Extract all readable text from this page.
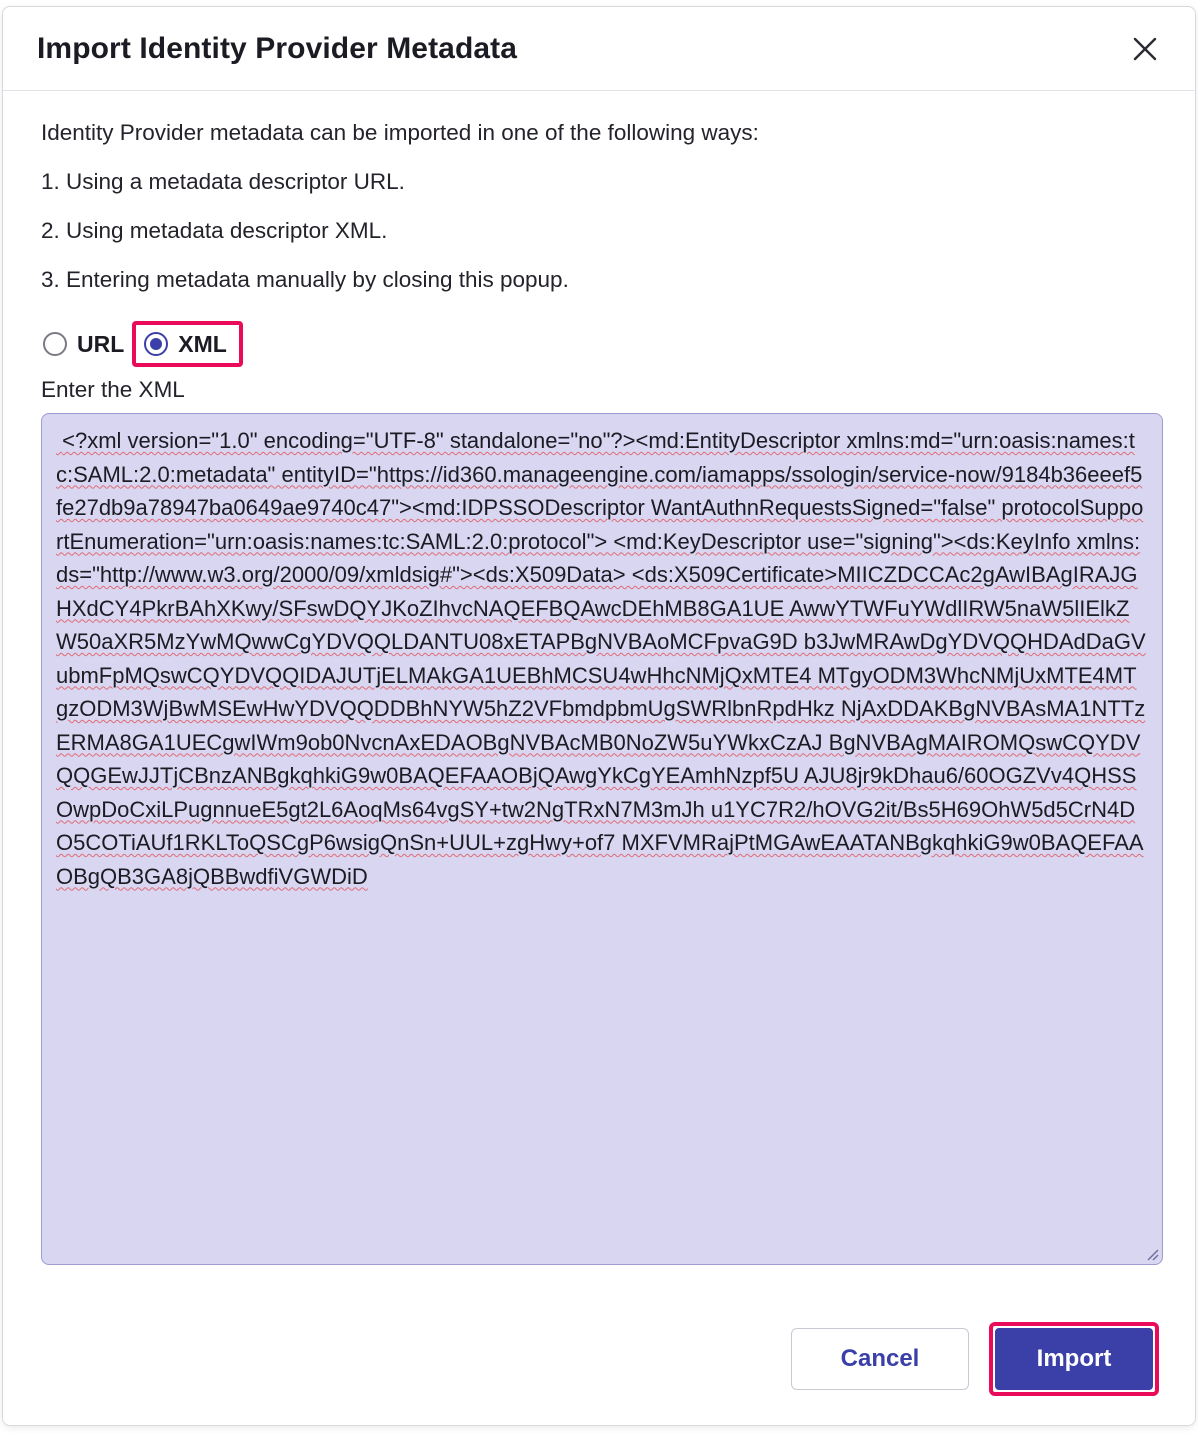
Import Identity Provider Metadata
Identity Provider metadata can be imported in one of the following ways:
1. Using a metadata descriptor URL.
2. Using metadata descriptor XML.
3. Entering metadata manually by closing this popup.
URL XML
Enter the XML
<?xml version="1.0" encoding="UTF-8" standalone="no"?><md:EntityDescriptor xmlns:md="urn:oasis:names:tc:SAML:2.0:metadata" entityID="https://id360.manageengine.com/iamapps/ssologin/service-now/9184b36eeef5fe27db9a78947ba0649ae9740c47"><md:IDPSSODescriptor WantAuthnRequestsSigned="false" protocolSupportEnumeration="urn:oasis:names:tc:SAML:2.0:protocol"> <md:KeyDescriptor use="signing"><ds:KeyInfo xmlns:ds="http://www.w3.org/2000/09/xmldsig#"><ds:X509Data> <ds:X509Certificate>MIICZDCCAc2gAwIBAgIRAJGHXdCY4PkrBAhXKwy/SFswDQYJKoZIhvcNAQEFBQAwcDEhMB8GA1UE AwwYTWFuYWdlIRW5naW5lIElkZW50aXR5MzYwMQwwCgYDVQQLDANTU08xETAPBgNVBAoMCFpvaG9D b3JwMRAwDgYDVQQHDAdDaGVubmFpMQswCQYDVQQIDAJUTjELMAkGA1UEBhMCSU4wHhcNMjQxMTE4 MTgyODM3WhcNMjUxMTE4MTgzODM3WjBwMSEwHwYDVQQDDBhNYW5hZ2VFbmdpbmUgSWRlbnRpdHkz NjAxDDAKBgNVBAsMA1NTTzERMA8GA1UECgwIWm9ob0NvcnAxEDAOBgNVBAcMB0NoZW5uYWkxCzAJ BgNVBAgMAIROMQswCQYDVQQGEwJJTjCBnzANBgkqhkiG9w0BAQEFAAOBjQAwgYkCgYEAmhNzpf5U AJU8jr9kDhau6/60OGZVv4QHSSOwpDoCxiLPugnnueE5gt2L6AoqMs64vgSY+tw2NgTRxN7M3mJh u1YC7R2/hOVG2it/Bs5H69OhW5d5CrN4DO5COTiAUf1RKLToQSCgP6wsigQnSn+UUL+zgHwy+of7 MXFVMRajPtMGAwEAATANBgkqhkiG9w0BAQEFAAOBgQB3GA8jQBBwdfiVGWDiD
Cancel	Import
